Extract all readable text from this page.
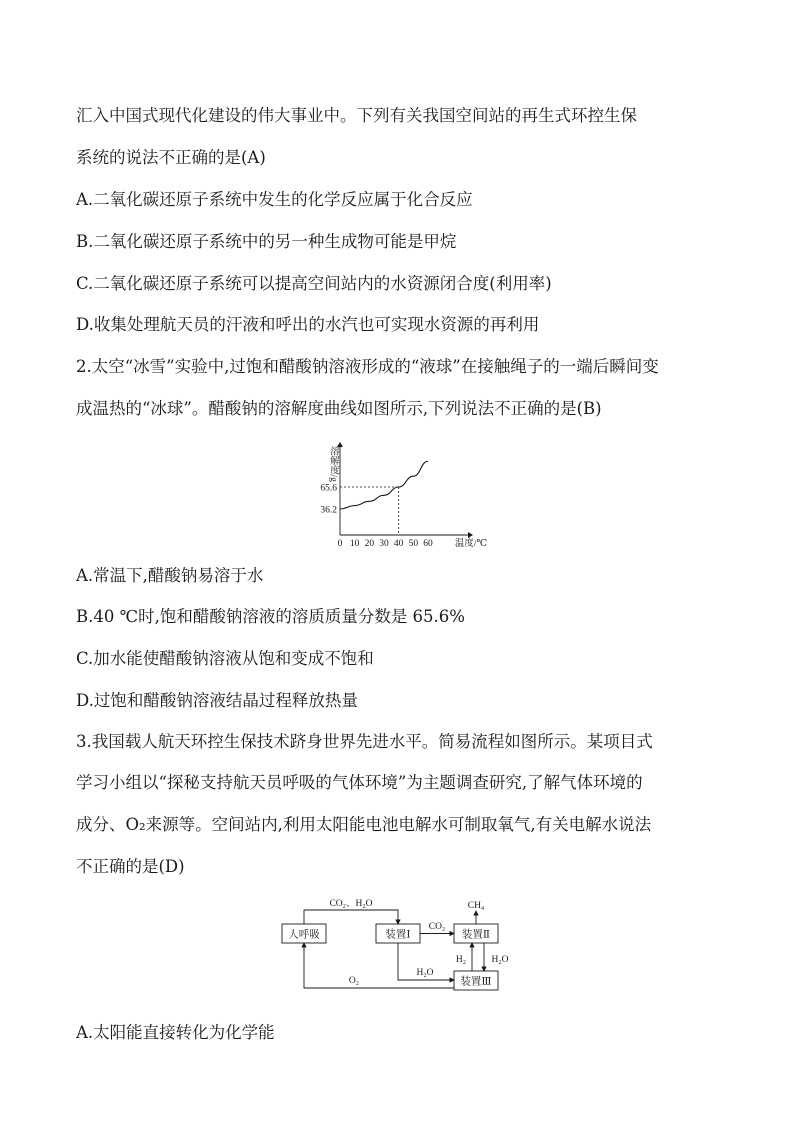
汇入中国式现代化建设的伟大事业中。下列有关我国空间站的再生式环控生保
系统的说法不正确的是(A)
A.二氧化碳还原子系统中发生的化学反应属于化合反应
B.二氧化碳还原子系统中的另一种生成物可能是甲烷
C.二氧化碳还原子系统可以提高空间站内的水资源闭合度(利用率)
D.收集处理航天员的汗液和呼出的水汽也可实现水资源的再利用
2.太空“冰雪”实验中,过饱和醋酸钠溶液形成的“液球”在接触绳子的一端后瞬间变
成温热的“冰球”。醋酸钠的溶解度曲线如图所示,下列说法不正确的是(B)
溶解度/g
0 10 20 30 40 50 60 温度/℃
36.2
65.6
A.常温下,醋酸钠易溶于水
B.40 ℃时,饱和醋酸钠溶液的溶质质量分数是 65.6%
C.加水能使醋酸钠溶液从饱和变成不饱和
D.过饱和醋酸钠溶液结晶过程释放热量
3.我国载人航天环控生保技术跻身世界先进水平。简易流程如图所示。某项目式
学习小组以“探秘支持航天员呼吸的气体环境”为主题调查研究,了解气体环境的
成分、O₂来源等。空间站内,利用太阳能电池电解水可制取氧气,有关电解水说法
不正确的是(D)
人呼吸	装置Ⅰ	装置Ⅱ
装置Ⅲ
CO₂、H₂O
CO₂
CH₄
H₂	H₂O
H₂O
O₂
A.太阳能直接转化为化学能
